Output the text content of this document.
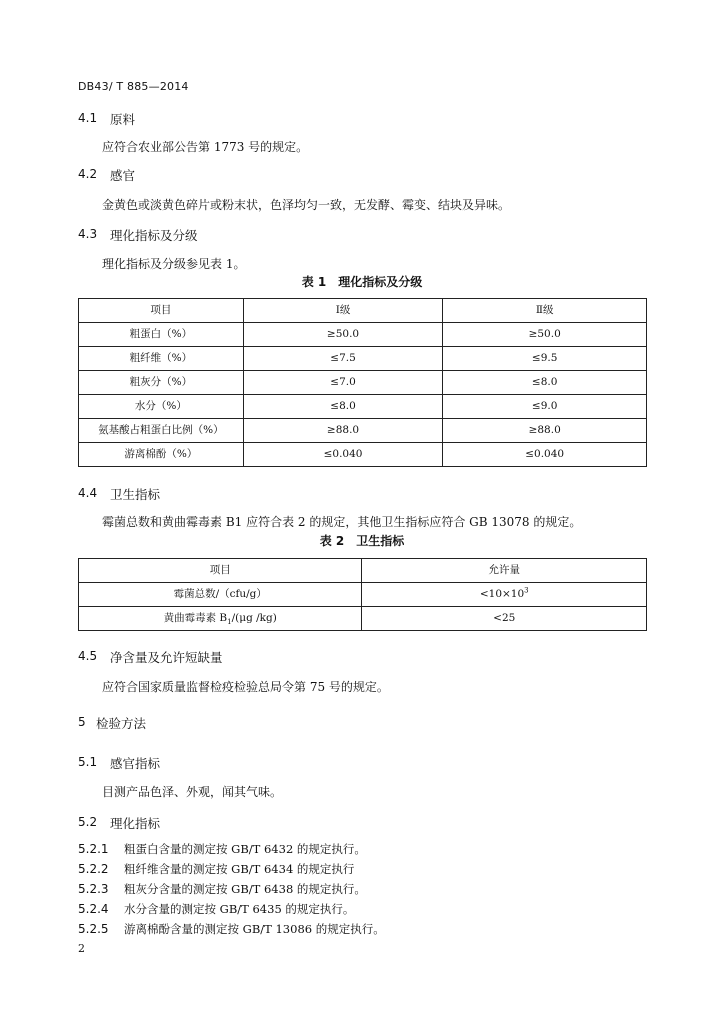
DB43/ T 885—2014
4.1 原料
应符合农业部公告第 1773 号的规定。
4.2 感官
金黄色或淡黄色碎片或粉末状，色泽均匀一致，无发酵、霉变、结块及异味。
4.3 理化指标及分级
理化指标及分级参见表 1。
表 1　理化指标及分级
项目	Ⅰ级	Ⅱ级
粗蛋白（%）	≥50.0	≥50.0
粗纤维（%）	≤7.5	≤9.5
粗灰分（%）	≤7.0	≤8.0
水分（%）	≤8.0	≤9.0
氨基酸占粗蛋白比例（%）	≥88.0	≥88.0
游离棉酚（%）	≤0.040	≤0.040
4.4 卫生指标
霉菌总数和黄曲霉毒素 B1 应符合表 2 的规定，其他卫生指标应符合 GB 13078 的规定。
表 2　卫生指标
项目	允许量
霉菌总数/（cfu/g）	$<10\times 10^3$
黄曲霉毒素 $B_1/(\mu g$ /kg)	<25
4.5 净含量及允许短缺量
应符合国家质量监督检疫检验总局令第 75 号的规定。
5 检验方法
5.1 感官指标
目测产品色泽、外观，闻其气味。
5.2 理化指标
5.2.1 粗蛋白含量的测定按 GB/T 6432 的规定执行。
5.2.2 粗纤维含量的测定按 GB/T 6434 的规定执行
5.2.3 粗灰分含量的测定按 GB/T 6438 的规定执行。
5.2.4 水分含量的测定按 GB/T 6435 的规定执行。
5.2.5 游离棉酚含量的测定按 GB/T 13086 的规定执行。
2
